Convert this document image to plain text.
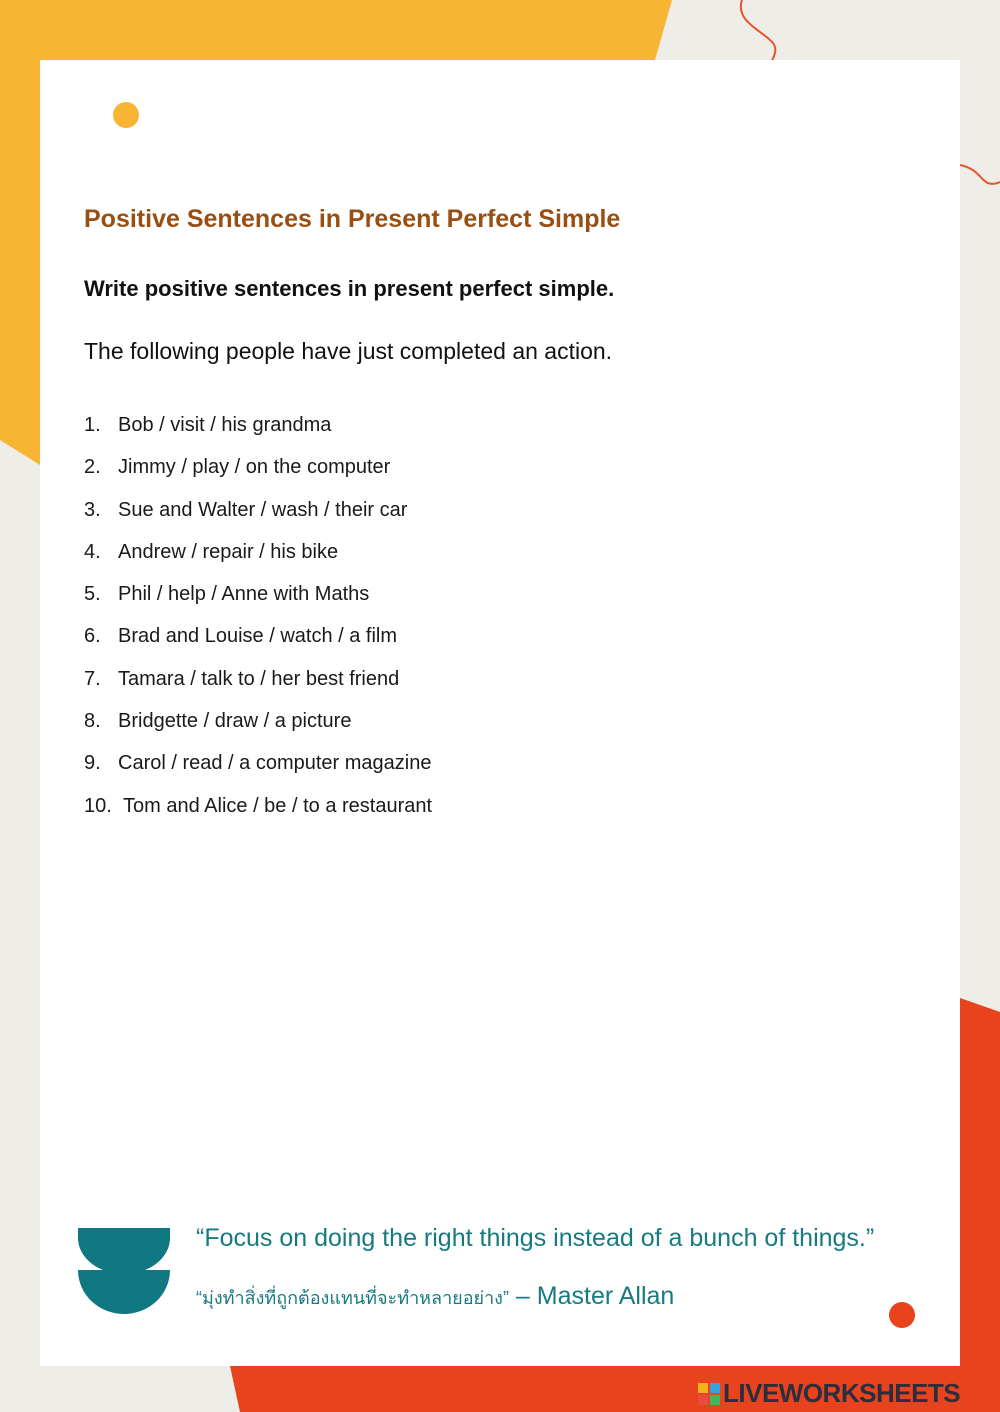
Positive Sentences in Present Perfect Simple

Write positive sentences in present perfect simple.

The following people have just completed an action.

1. Bob / visit / his grandma
2. Jimmy / play / on the computer
3. Sue and Walter / wash / their car
4. Andrew / repair / his bike
5. Phil / help / Anne with Maths
6. Brad and Louise / watch / a film
7. Tamara / talk to / her best friend
8. Bridgette / draw / a picture
9. Carol / read / a computer magazine
10. Tom and Alice / be / to a restaurant

“Focus on doing the right things instead of a bunch of things.”

“มุ่งทำสิ่งที่ถูกต้องแทนที่จะทำหลายอย่าง” – Master Allan

LIVEWORKSHEETS
